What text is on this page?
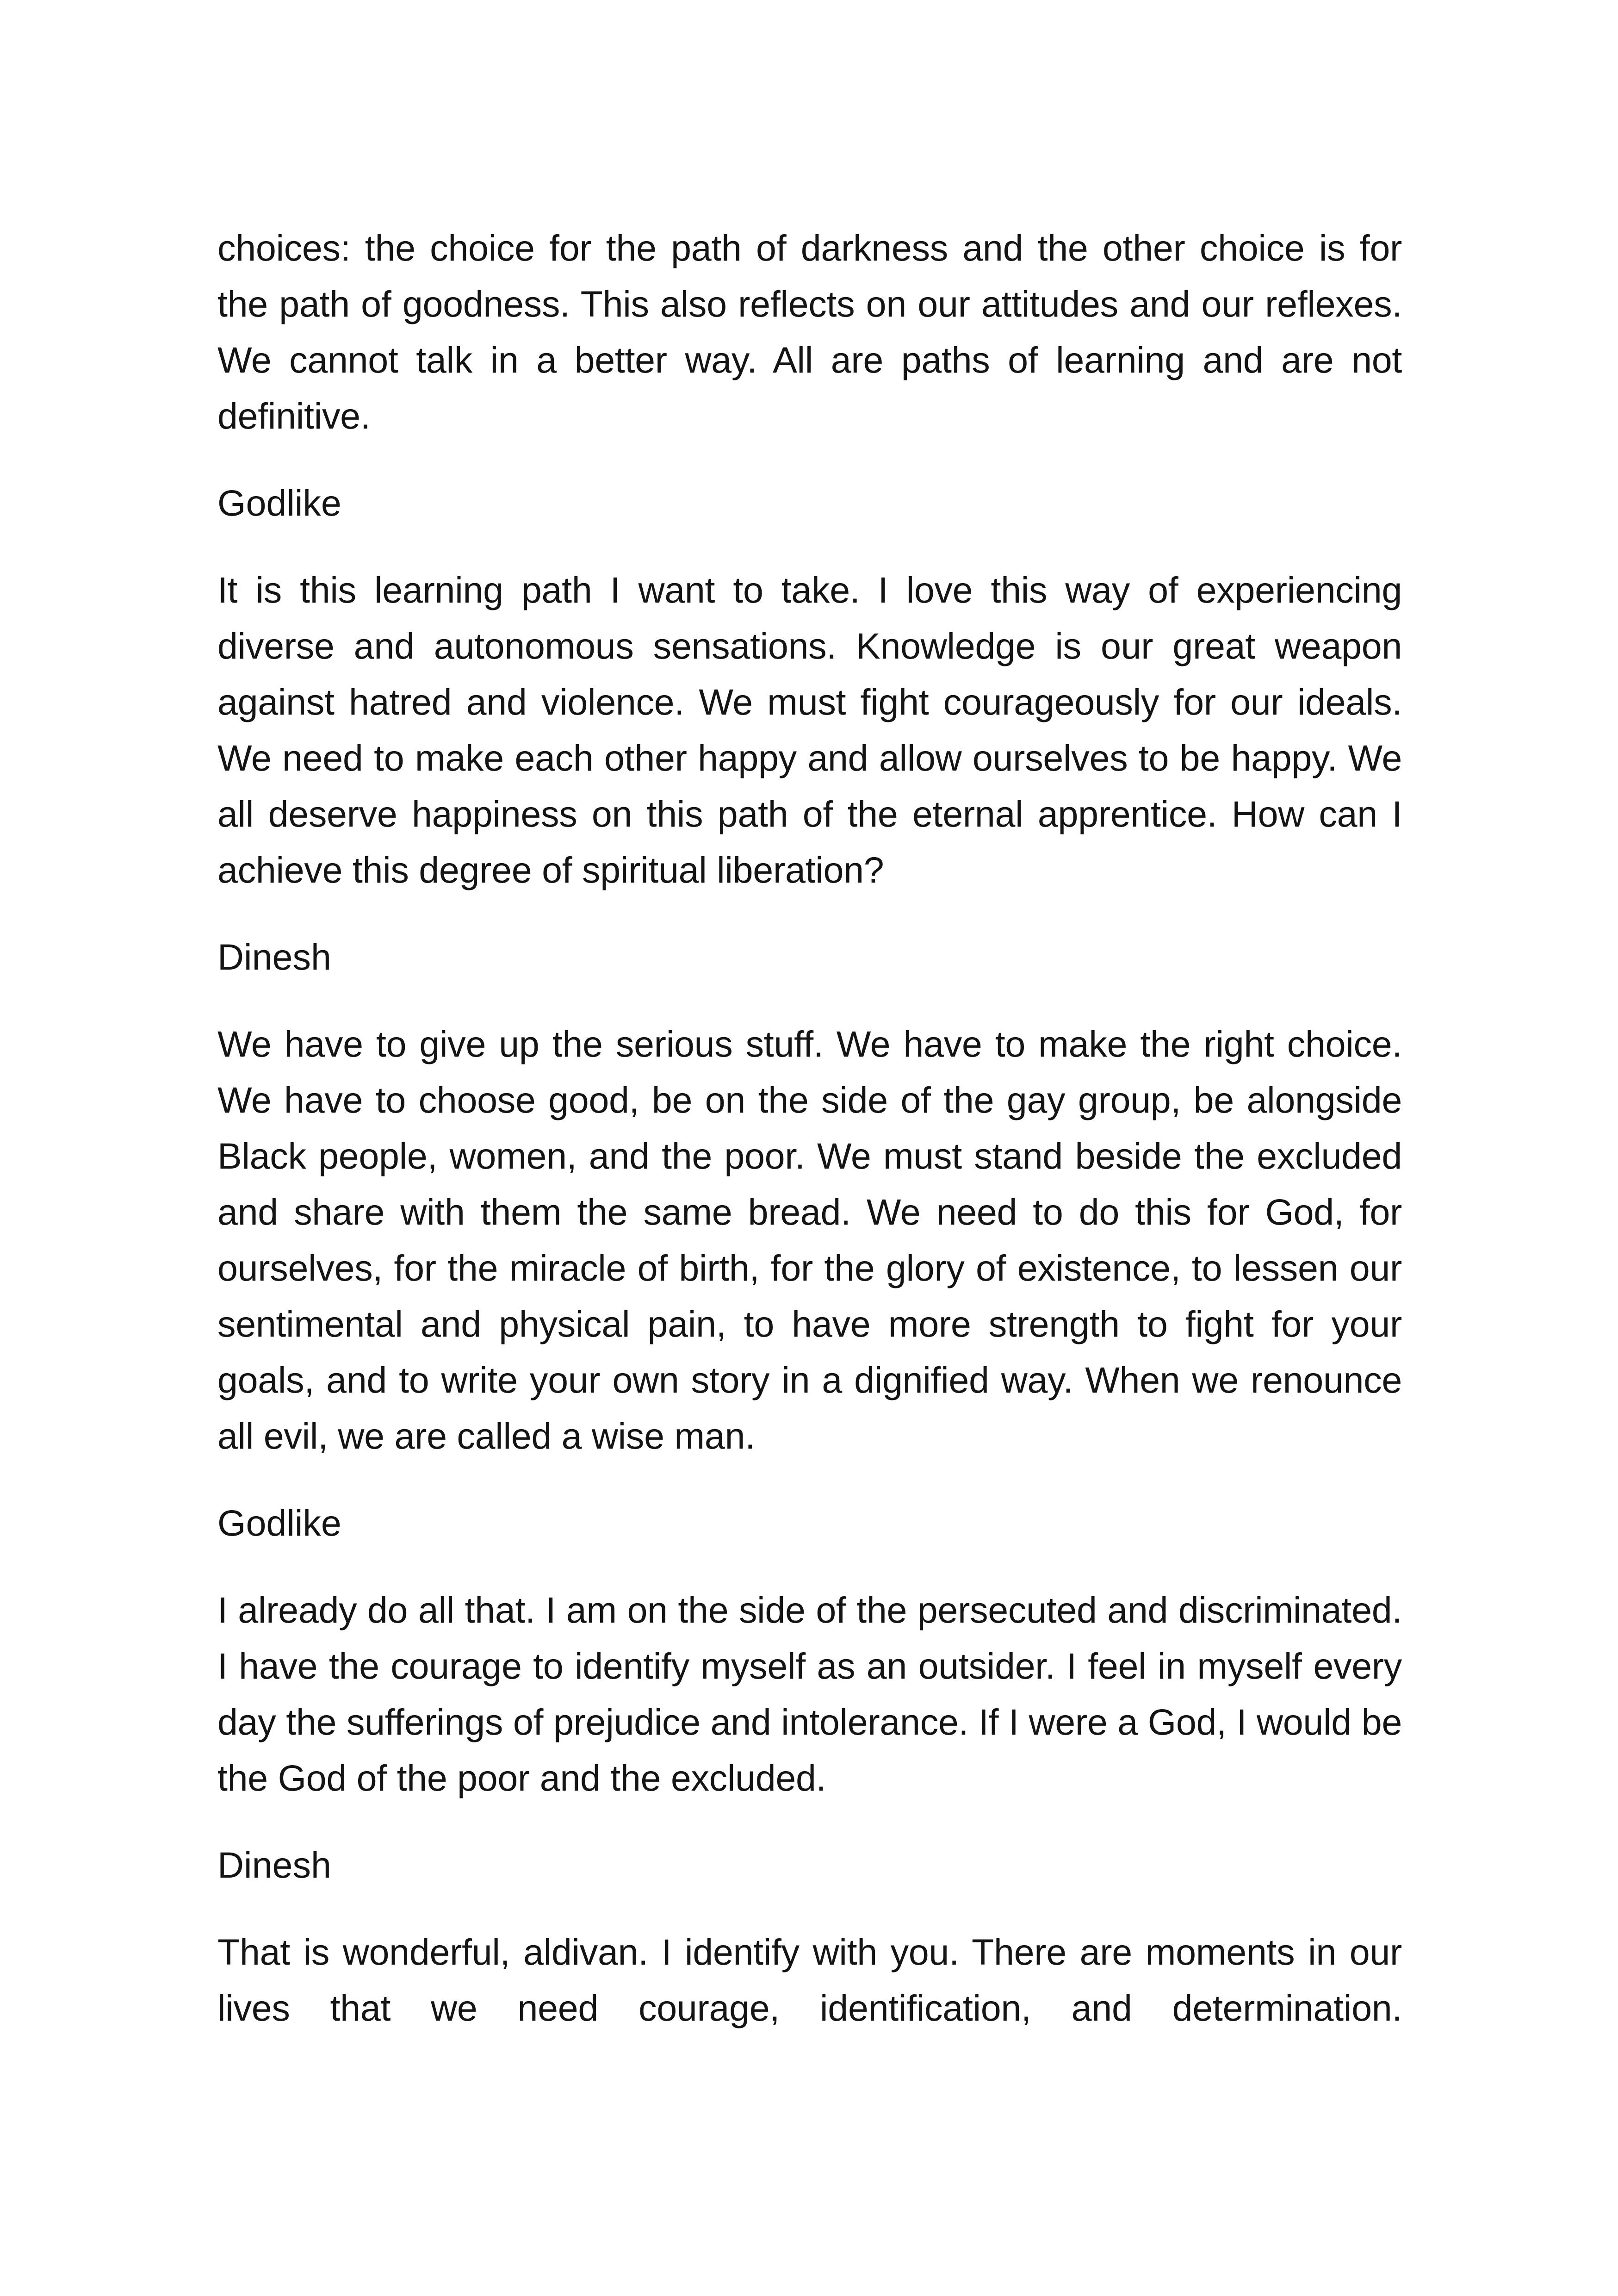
choices: the choice for the path of darkness and the other choice is for the path of goodness. This also reflects on our attitudes and our reflexes. We cannot talk in a better way. All are paths of learning and are not definitive.

Godlike

It is this learning path I want to take. I love this way of experiencing diverse and autonomous sensations. Knowledge is our great weapon against hatred and violence. We must fight courageously for our ideals. We need to make each other happy and allow ourselves to be happy. We all deserve happiness on this path of the eternal apprentice. How can I achieve this degree of spiritual liberation?

Dinesh

We have to give up the serious stuff. We have to make the right choice. We have to choose good, be on the side of the gay group, be alongside Black people, women, and the poor. We must stand beside the excluded and share with them the same bread. We need to do this for God, for ourselves, for the miracle of birth, for the glory of existence, to lessen our sentimental and physical pain, to have more strength to fight for your goals, and to write your own story in a dignified way. When we renounce all evil, we are called a wise man.

Godlike

I already do all that. I am on the side of the persecuted and discriminated. I have the courage to identify myself as an outsider. I feel in myself every day the sufferings of prejudice and intolerance. If I were a God, I would be the God of the poor and the excluded.

Dinesh

That is wonderful, aldivan. I identify with you. There are moments in our lives that we need courage, identification, and determination.
